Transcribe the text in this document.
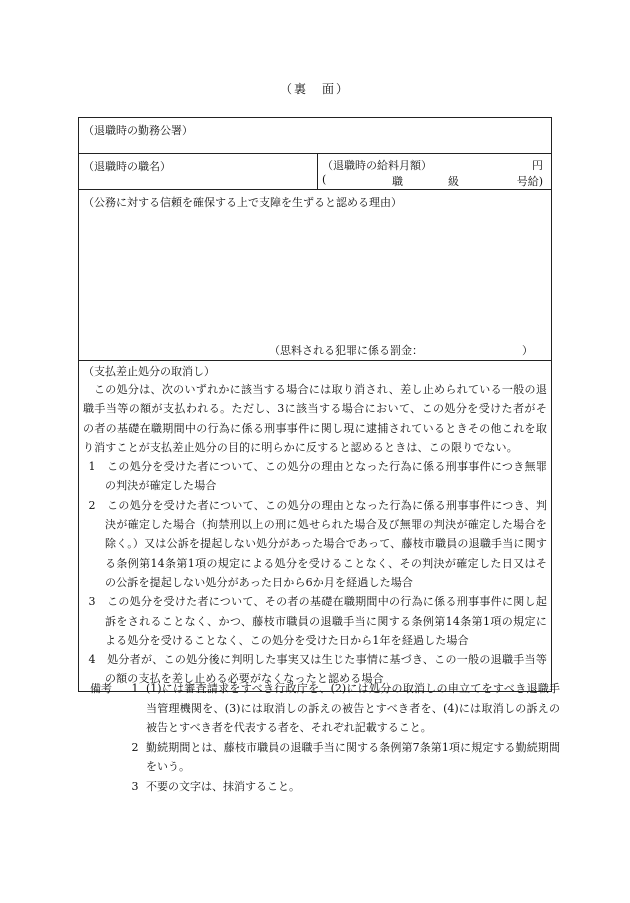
（裏　面）
（退職時の勤務公署）
（退職時の職名）	（退職時の給料月額）	円
(	職	級	号給)
（公務に対する信頼を確保する上で支障を生ずると認める理由）
（思料される犯罪に係る罰金：	）
（支払差止処分の取消し）

この処分は、次のいずれかに該当する場合には取り消され、差し止められている一般の退職手当等の額が支払われる。ただし、3に該当する場合において、この処分を受けた者がその者の基礎在職期間中の行為に係る刑事事件に関し現に逮捕されているときその他これを取り消すことが支払差止処分の目的に明らかに反すると認めるときは、この限りでない。

1　この処分を受けた者について、この処分の理由となった行為に係る刑事事件につき無罪の判決が確定した場合

2　この処分を受けた者について、この処分の理由となった行為に係る刑事事件につき、判決が確定した場合（拘禁刑以上の刑に処せられた場合及び無罪の判決が確定した場合を除く。）又は公訴を提起しない処分があった場合であって、藤枝市職員の退職手当に関する条例第14条第1項の規定による処分を受けることなく、その判決が確定した日又はその公訴を提起しない処分があった日から6か月を経過した場合

3　この処分を受けた者について、その者の基礎在職期間中の行為に係る刑事事件に関し起訴をされることなく、かつ、藤枝市職員の退職手当に関する条例第14条第1項の規定による処分を受けることなく、この処分を受けた日から1年を経過した場合

4　処分者が、この処分後に判明した事実又は生じた事情に基づき、この一般の退職手当等の額の支払を差し止める必要がなくなったと認める場合

備考	1 (1)には審査請求をすべき行政庁を、(2)には処分の取消しの申立てをすべき退職手当管理機関を、(3)には取消しの訴えの被告とすべき者を、(4)には取消しの訴えの被告とすべき者を代表する者を、それぞれ記載すること。
2 勤続期間とは、藤枝市職員の退職手当に関する条例第7条第1項に規定する勤続期間をいう。
3 不要の文字は、抹消すること。
